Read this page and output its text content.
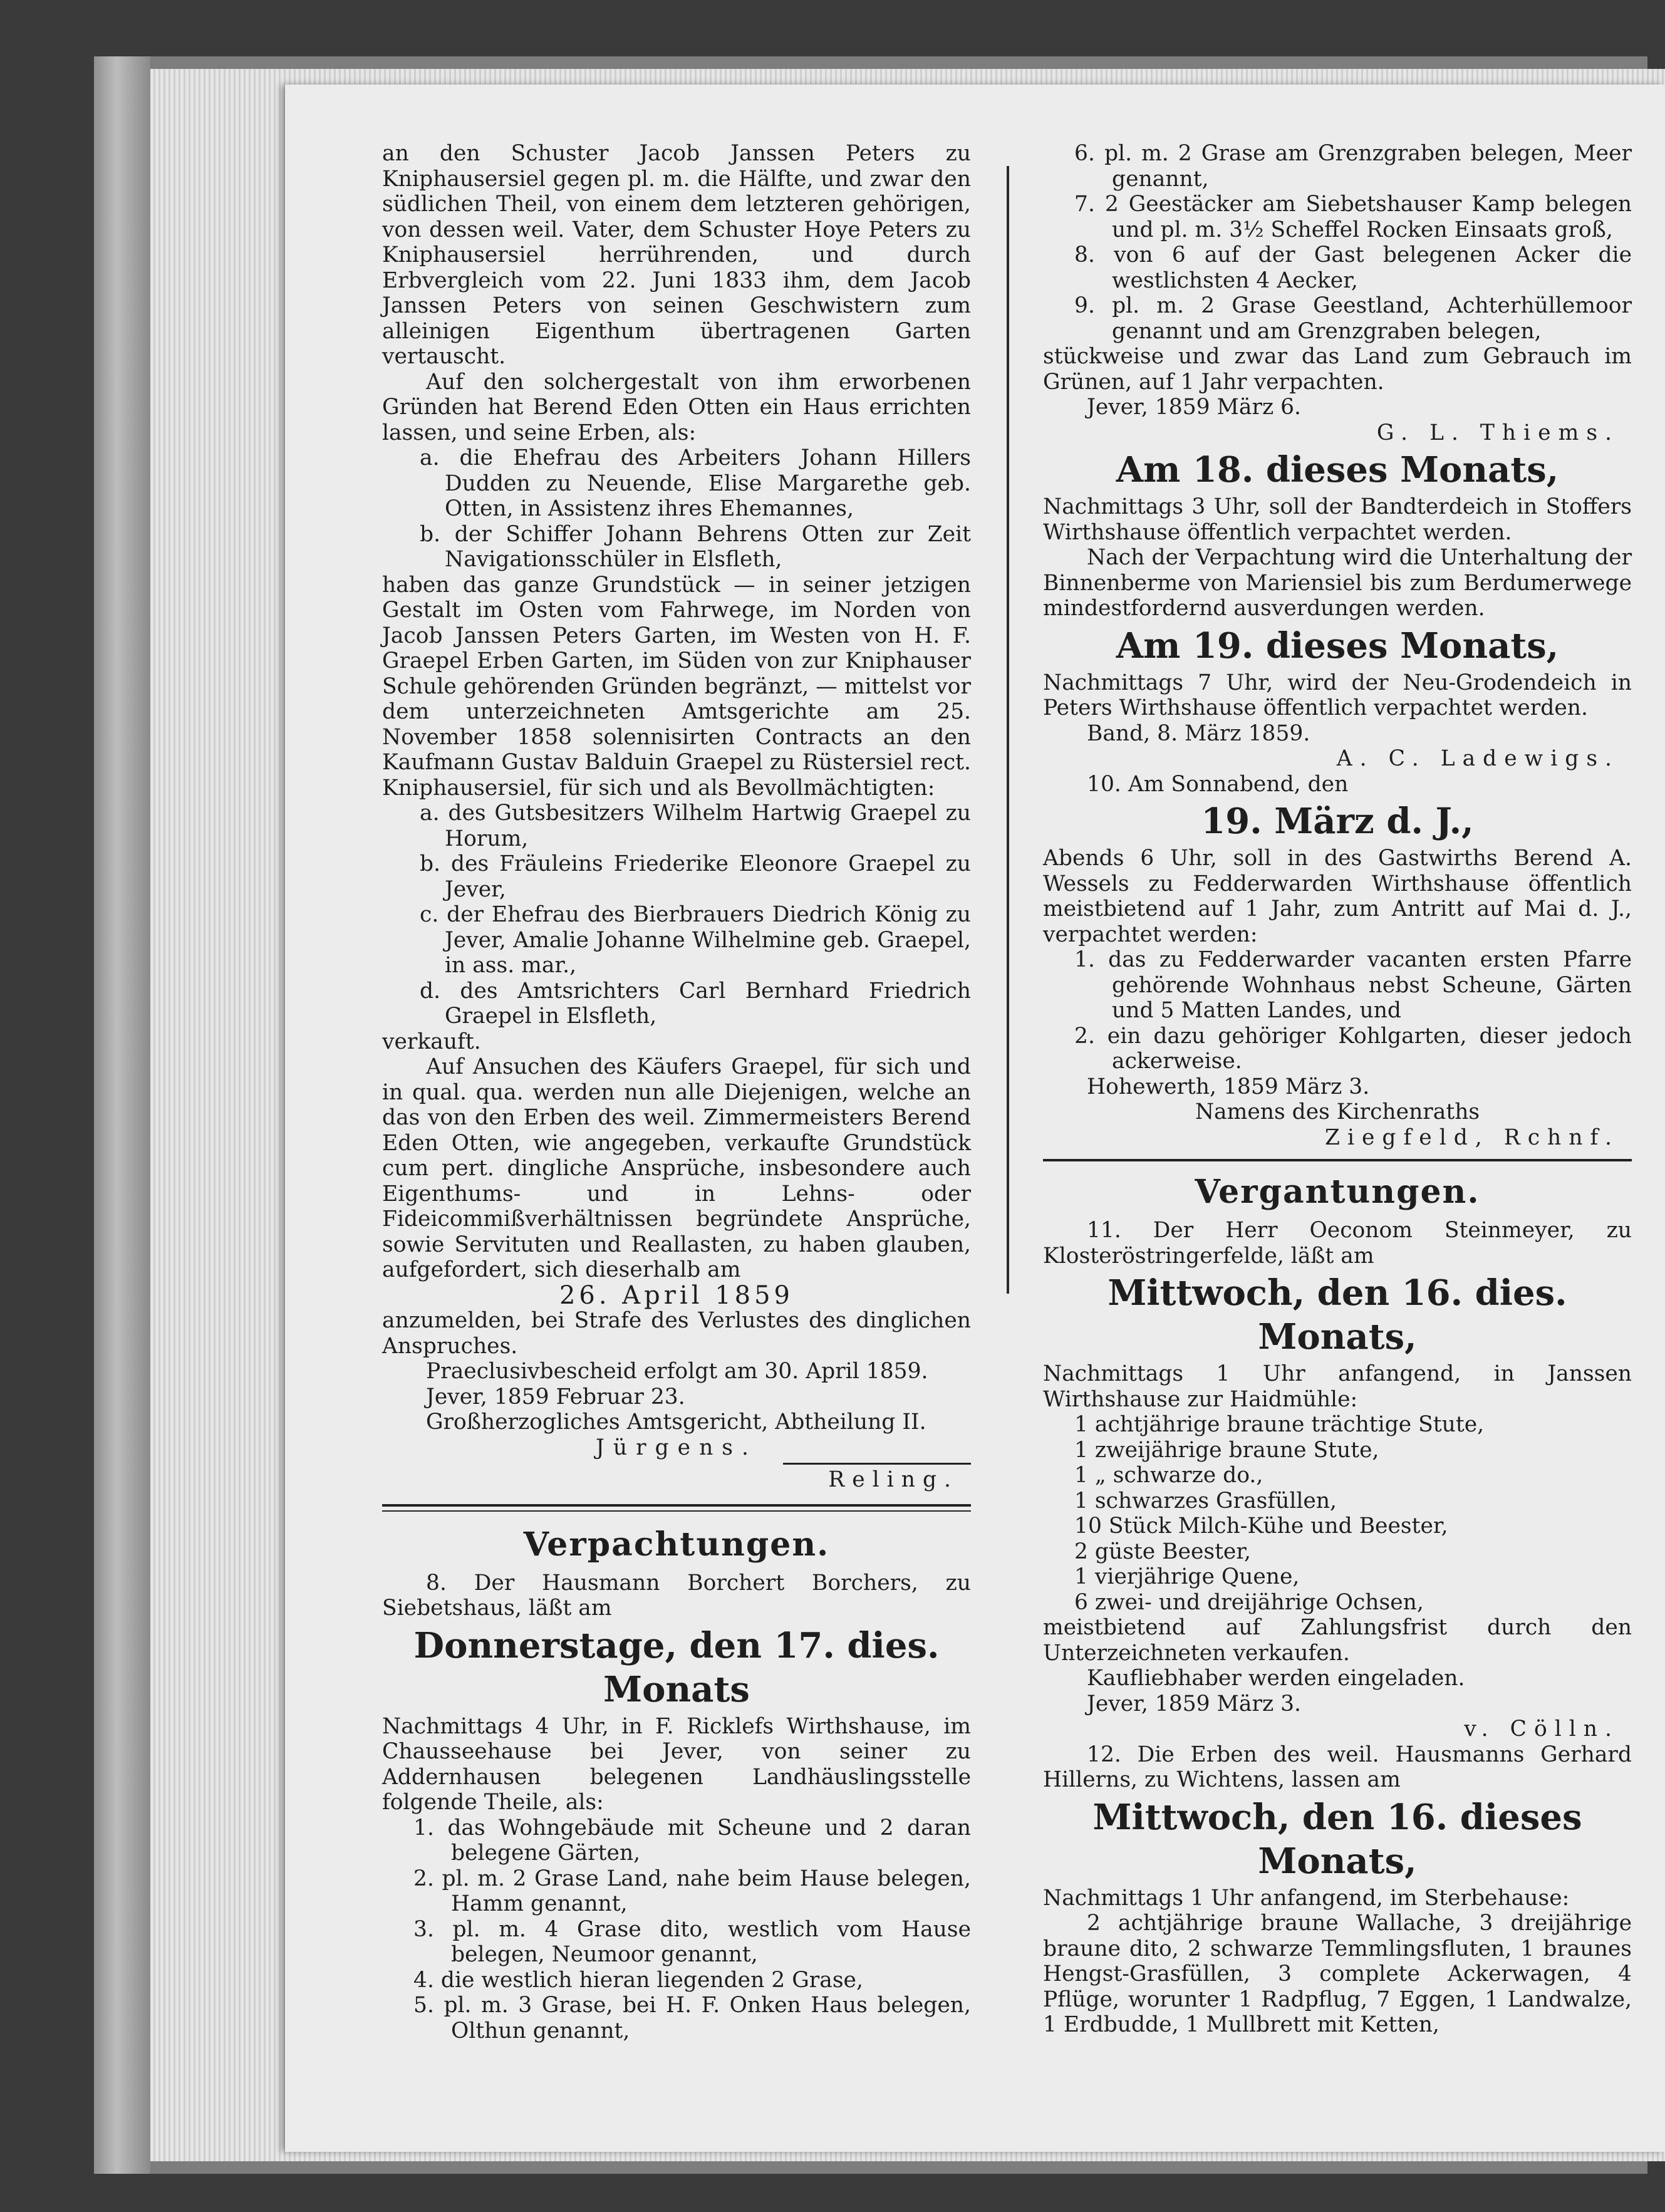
an den Schuster Jacob Janssen Peters zu Kniphausersiel gegen pl. m. die Hälfte, und zwar den südlichen Theil, von einem dem letzteren gehörigen, von dessen weil. Vater, dem Schuster Hoye Peters zu Kniphausersiel herrührenden, und durch Erbvergleich vom 22. Juni 1833 ihm, dem Jacob Janssen Peters von seinen Geschwistern zum alleinigen Eigenthum übertragenen Garten vertauscht.

Auf den solchergestalt von ihm erworbenen Gründen hat Berend Eden Otten ein Haus errichten lassen, und seine Erben, als:

a. die Ehefrau des Arbeiters Johann Hillers Dudden zu Neuende, Elise Margarethe geb. Otten, in Assistenz ihres Ehemannes,

b. der Schiffer Johann Behrens Otten zur Zeit Navigationsschüler in Elsfleth,

haben das ganze Grundstück — in seiner jetzigen Gestalt im Osten vom Fahrwege, im Norden von Jacob Janssen Peters Garten, im Westen von H. F. Graepel Erben Garten, im Süden von zur Kniphauser Schule gehörenden Gründen begränzt, — mittelst vor dem unterzeichneten Amtsgerichte am 25. November 1858 solennisirten Contracts an den Kaufmann Gustav Balduin Graepel zu Rüstersiel rect. Kniphausersiel, für sich und als Bevollmächtigten:

a. des Gutsbesitzers Wilhelm Hartwig Graepel zu Horum,

b. des Fräuleins Friederike Eleonore Graepel zu Jever,

c. der Ehefrau des Bierbrauers Diedrich König zu Jever, Amalie Johanne Wilhelmine geb. Graepel, in ass. mar.,

d. des Amtsrichters Carl Bernhard Friedrich Graepel in Elsfleth,

verkauft.

Auf Ansuchen des Käufers Graepel, für sich und in qual. qua. werden nun alle Diejenigen, welche an das von den Erben des weil. Zimmermeisters Berend Eden Otten, wie angegeben, verkaufte Grundstück cum pert. dingliche Ansprüche, insbesondere auch Eigenthums- und in Lehns- oder Fideicommißverhältnissen begründete Ansprüche, sowie Servituten und Reallasten, zu haben glauben, aufgefordert, sich dieserhalb am

26. April 1859

anzumelden, bei Strafe des Verlustes des dinglichen Anspruches.

Praeclusivbescheid erfolgt am 30. April 1859.

Jever, 1859 Februar 23.

Großherzogliches Amtsgericht, Abtheilung II.

Jürgens.

Reling.

Verpachtungen.

8. Der Hausmann Borchert Borchers, zu Siebetshaus, läßt am

Donnerstage, den 17. dies. Monats

Nachmittags 4 Uhr, in F. Ricklefs Wirthshause, im Chausseehause bei Jever, von seiner zu Addernhausen belegenen Landhäuslingsstelle folgende Theile, als:

1. das Wohngebäude mit Scheune und 2 daran belegene Gärten,

2. pl. m. 2 Grase Land, nahe beim Hause belegen, Hamm genannt,

3. pl. m. 4 Grase dito, westlich vom Hause belegen, Neumoor genannt,

4. die westlich hieran liegenden 2 Grase,

5. pl. m. 3 Grase, bei H. F. Onken Haus belegen, Olthun genannt,

6. pl. m. 2 Grase am Grenzgraben belegen, Meer genannt,

7. 2 Geestäcker am Siebetshauser Kamp belegen und pl. m. 3½ Scheffel Rocken Einsaats groß,

8. von 6 auf der Gast belegenen Acker die westlichsten 4 Aecker,

9. pl. m. 2 Grase Geestland, Achterhüllemoor genannt und am Grenzgraben belegen,

stückweise und zwar das Land zum Gebrauch im Grünen, auf 1 Jahr verpachten.

Jever, 1859 März 6.

G. L. Thiems.

Am 18. dieses Monats,

Nachmittags 3 Uhr, soll der Bandterdeich in Stoffers Wirthshause öffentlich verpachtet werden.

Nach der Verpachtung wird die Unterhaltung der Binnenberme von Mariensiel bis zum Berdumerwege mindestfordernd ausverdungen werden.

Am 19. dieses Monats,

Nachmittags 7 Uhr, wird der Neu-Grodendeich in Peters Wirthshause öffentlich verpachtet werden.

Band, 8. März 1859.

A. C. Ladewigs.

10. Am Sonnabend, den

19. März d. J.,

Abends 6 Uhr, soll in des Gastwirths Berend A. Wessels zu Fedderwarden Wirthshause öffentlich meistbietend auf 1 Jahr, zum Antritt auf Mai d. J., verpachtet werden:

1. das zu Fedderwarder vacanten ersten Pfarre gehörende Wohnhaus nebst Scheune, Gärten und 5 Matten Landes, und

2. ein dazu gehöriger Kohlgarten, dieser jedoch ackerweise.

Hohewerth, 1859 März 3.

Namens des Kirchenraths

Ziegfeld, Rchnf.

Vergantungen.

11. Der Herr Oeconom Steinmeyer, zu Klosteröstringerfelde, läßt am

Mittwoch, den 16. dies. Monats,

Nachmittags 1 Uhr anfangend, in Janssen Wirthshause zur Haidmühle:

1 achtjährige braune trächtige Stute,

1 zweijährige braune Stute,

1 „ schwarze do.,

1 schwarzes Grasfüllen,

10 Stück Milch-Kühe und Beester,

2 güste Beester,

1 vierjährige Quene,

6 zwei- und dreijährige Ochsen,

meistbietend auf Zahlungsfrist durch den Unterzeichneten verkaufen.

Kaufliebhaber werden eingeladen.

Jever, 1859 März 3.

v. Cölln.

12. Die Erben des weil. Hausmanns Gerhard Hillerns, zu Wichtens, lassen am

Mittwoch, den 16. dieses Monats,

Nachmittags 1 Uhr anfangend, im Sterbehause:

2 achtjährige braune Wallache, 3 dreijährige braune dito, 2 schwarze Temmlingsfluten, 1 braunes Hengst-Grasfüllen, 3 complete Ackerwagen, 4 Pflüge, worunter 1 Radpflug, 7 Eggen, 1 Landwalze, 1 Erdbudde, 1 Mullbrett mit Ketten,
